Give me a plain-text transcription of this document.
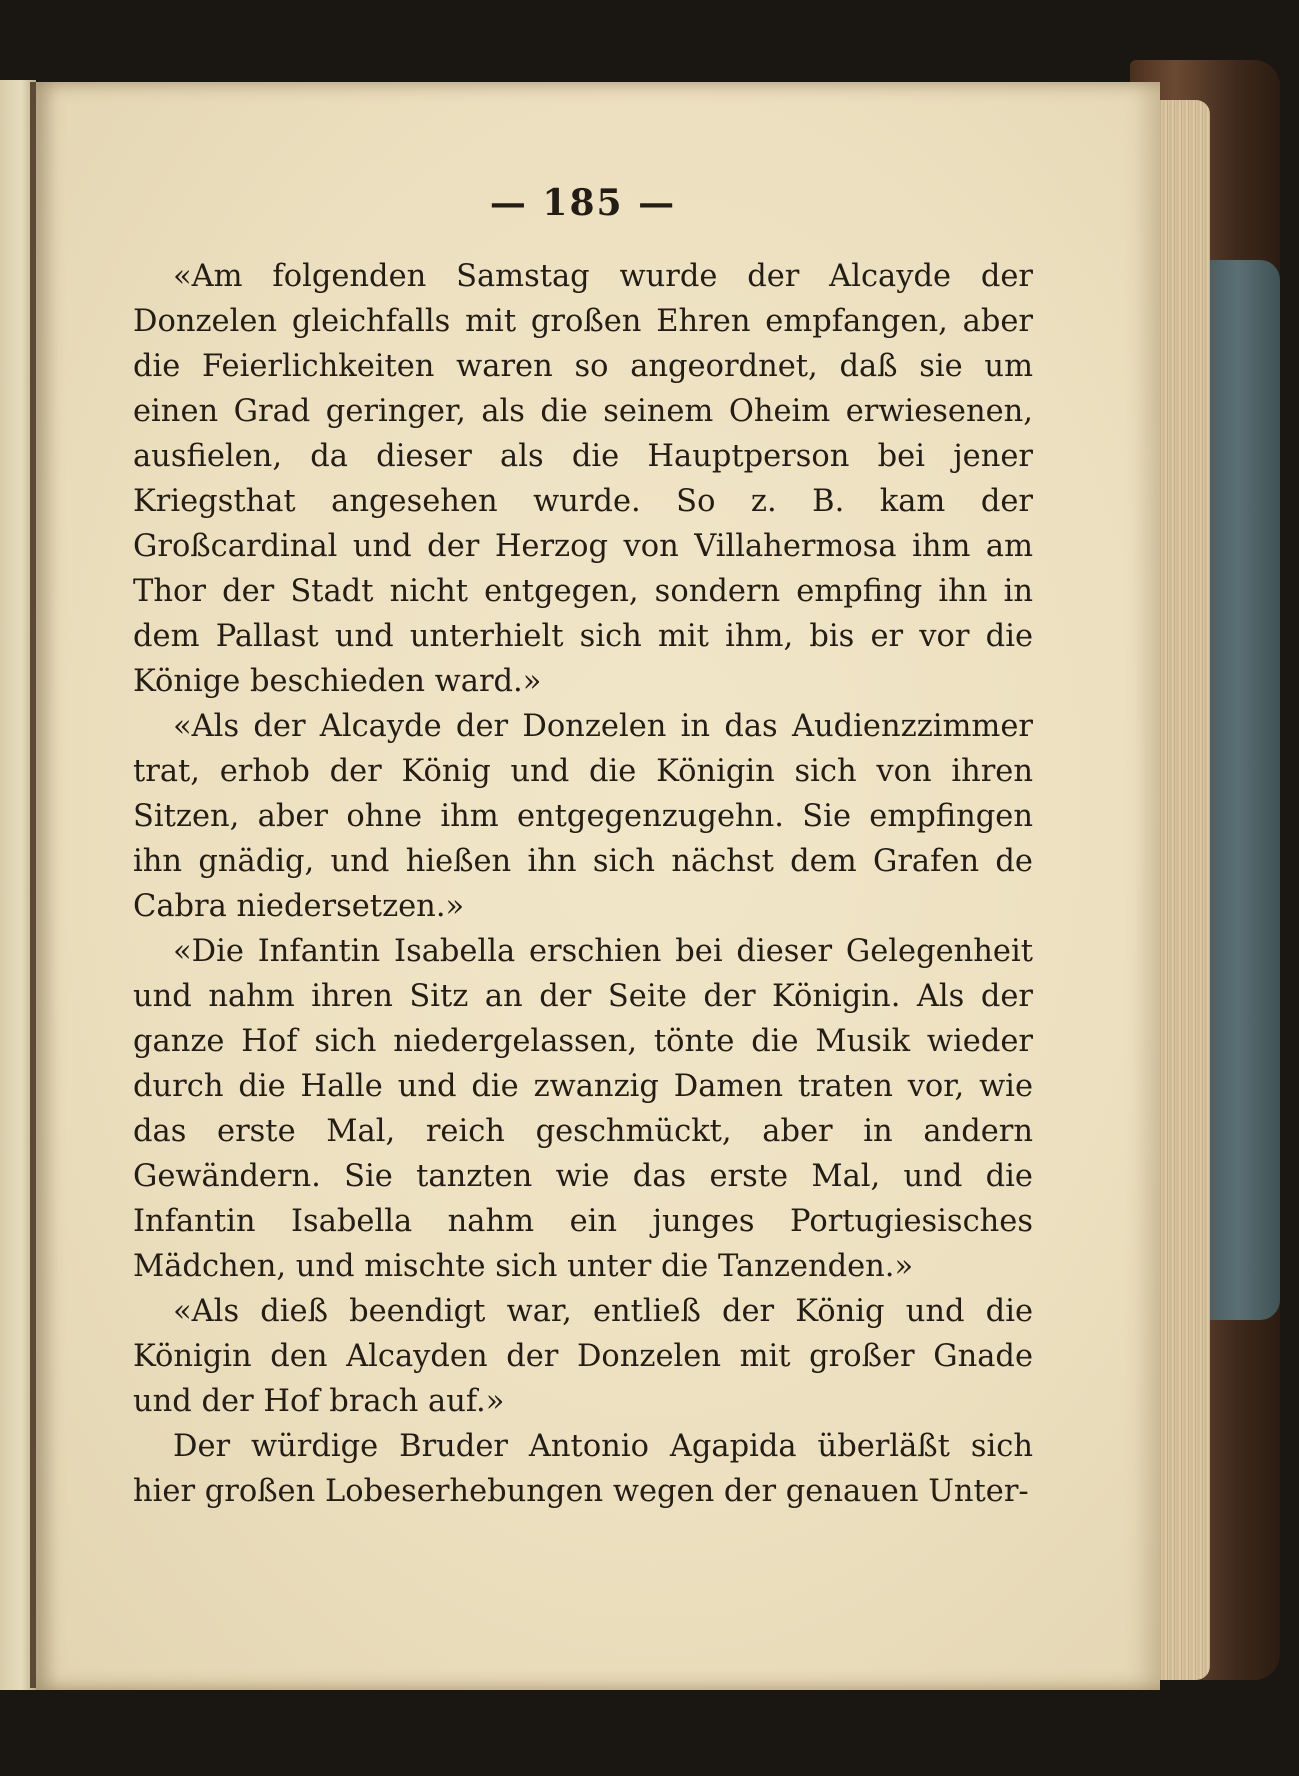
— 185 —

«Am folgenden Samstag wurde der Alcayde der Donzelen gleichfalls mit großen Ehren empfangen, aber die Feierlichkeiten waren so angeordnet, daß sie um einen Grad geringer, als die seinem Oheim erwiesenen, ausfielen, da dieser als die Hauptperson bei jener Kriegsthat angesehen wurde. So z. B. kam der Großcardinal und der Herzog von Villahermosa ihm am Thor der Stadt nicht entgegen, sondern empfing ihn in dem Pallast und unterhielt sich mit ihm, bis er vor die Könige beschieden ward.»

«Als der Alcayde der Donzelen in das Audienzzimmer trat, erhob der König und die Königin sich von ihren Sitzen, aber ohne ihm entgegenzugehn. Sie empfingen ihn gnädig, und hießen ihn sich nächst dem Grafen de Cabra niedersetzen.»

«Die Infantin Isabella erschien bei dieser Gelegenheit und nahm ihren Sitz an der Seite der Königin. Als der ganze Hof sich niedergelassen, tönte die Musik wieder durch die Halle und die zwanzig Damen traten vor, wie das erste Mal, reich geschmückt, aber in andern Gewändern. Sie tanzten wie das erste Mal, und die Infantin Isabella nahm ein junges Portugiesisches Mädchen, und mischte sich unter die Tanzenden.»

«Als dieß beendigt war, entließ der König und die Königin den Alcayden der Donzelen mit großer Gnade und der Hof brach auf.»

Der würdige Bruder Antonio Agapida überläßt sich hier großen Lobeserhebungen wegen der genauen Unter-
